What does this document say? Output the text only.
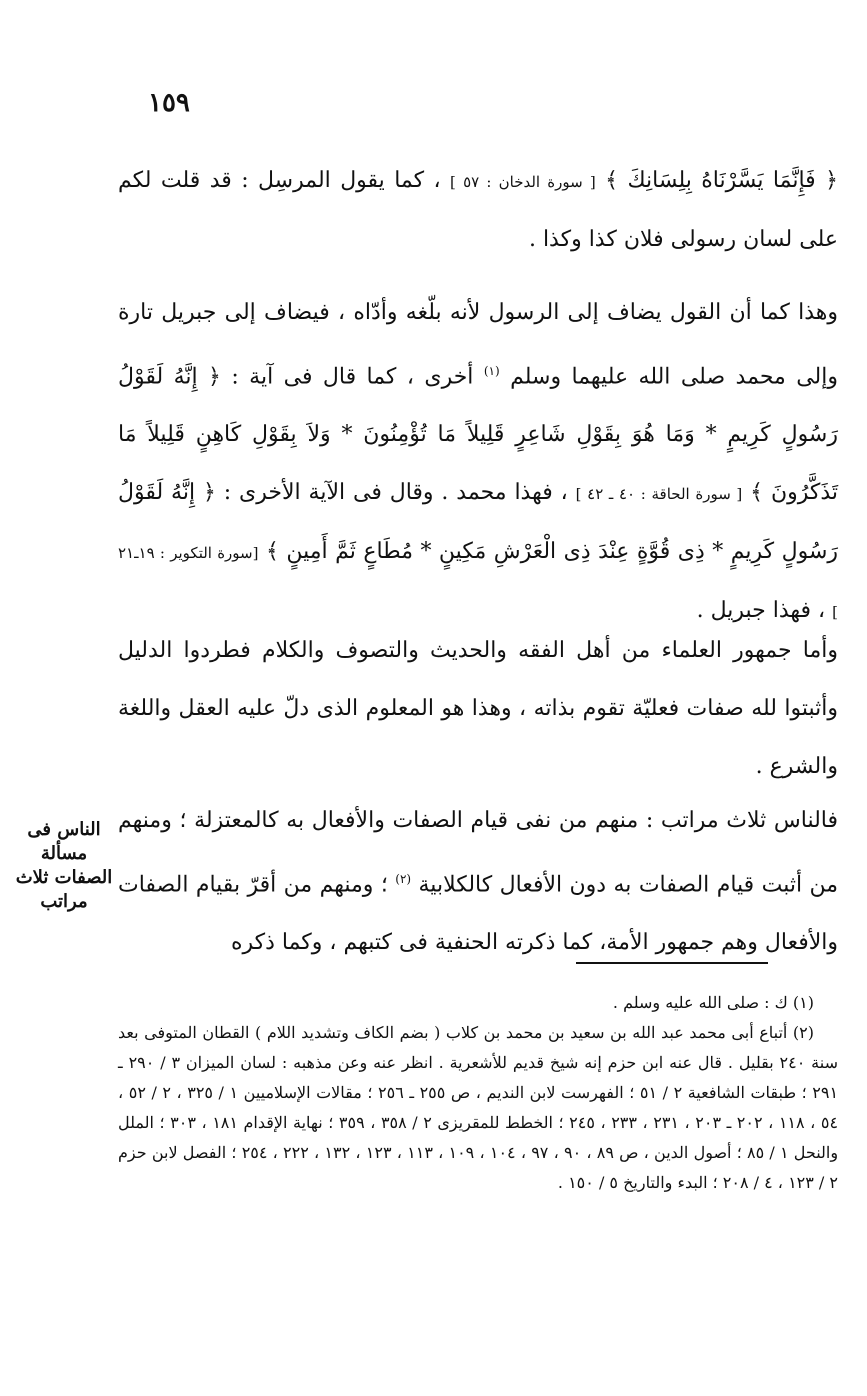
١٥٩

﴿ فَإِنَّمَا يَسَّرْنَاهُ بِلِسَانِكَ ﴾ [ سورة الدخان : ٥٧ ] ، كما يقول المرسِل : قد قلت لكم على لسان رسولى فلان كذا وكذا .

وهذا كما أن القول يضاف إلى الرسول لأنه بلّغه وأدّاه ، فيضاف إلى جبريل تارة وإلى محمد صلى الله عليهما وسلم $^{(١)}$ أخرى ، كما قال فى آية : ﴿ إِنَّهُ لَقَوْلُ رَسُولٍ كَرِيمٍ * وَمَا هُوَ بِقَوْلِ شَاعِرٍ قَلِيلاً مَا تُؤْمِنُونَ * وَلاَ بِقَوْلِ كَاهِنٍ قَلِيلاً مَا تَذَكَّرُونَ ﴾ [ سورة الحاقة : ٤٠ ـ ٤٢ ] ، فهذا محمد . وقال فى الآية الأخرى : ﴿ إِنَّهُ لَقَوْلُ رَسُولٍ كَرِيمٍ * ذِى قُوَّةٍ عِنْدَ ذِى الْعَرْشِ مَكِينٍ * مُطَاعٍ ثَمَّ أَمِينٍ ﴾ [سورة التكوير : ١٩ـ٢١ ] ، فهذا جبريل .

وأما جمهور العلماء من أهل الفقه والحديث والتصوف والكلام فطردوا الدليل وأثبتوا لله صفات فعليّة تقوم بذاته ، وهذا هو المعلوم الذى دلّ عليه العقل واللغة والشرع .

فالناس ثلاث مراتب : منهم من نفى قيام الصفات والأفعال به كالمعتزلة ؛ ومنهم من أثبت قيام الصفات به دون الأفعال كالكلابية $^{(٢)}$ ؛ ومنهم من أقرّ بقيام الصفات والأفعال وهم جمهور الأمة، كما ذكرته الحنفية فى كتبهم ، وكما ذكره

الناس فى مسألة
الصفات ثلاث
مراتب

(١) ك : صلى الله عليه وسلم .

(٢) أتباع أبى محمد عبد الله بن سعيد بن محمد بن كلاب ( بضم الكاف وتشديد اللام ) القطان المتوفى بعد سنة ٢٤٠ بقليل . قال عنه ابن حزم إنه شيخ قديم للأشعرية . انظر عنه وعن مذهبه : لسان الميزان ٣ / ٢٩٠ ـ ٢٩١ ؛ طبقات الشافعية ٢ / ٥١ ؛ الفهرست لابن النديم ، ص ٢٥٥ ـ ٢٥٦ ؛ مقالات الإسلاميين ١ / ٣٢٥ ، ٢ / ٥٢ ، ٥٤ ، ١١٨ ، ٢٠٢ ـ ٢٠٣ ، ٢٣١ ، ٢٣٣ ، ٢٤٥ ؛ الخطط للمقريزى ٢ / ٣٥٨ ، ٣٥٩ ؛ نهاية الإقدام ١٨١ ، ٣٠٣ ؛ الملل والنحل ١ / ٨٥ ؛ أصول الدين ، ص ٨٩ ، ٩٠ ، ٩٧ ، ١٠٤ ، ١٠٩ ، ١١٣ ، ١٢٣ ، ١٣٢ ، ٢٢٢ ، ٢٥٤ ؛ الفصل لابن حزم ٢ / ١٢٣ ، ٤ / ٢٠٨ ؛ البدء والتاريخ ٥ / ١٥٠ .
